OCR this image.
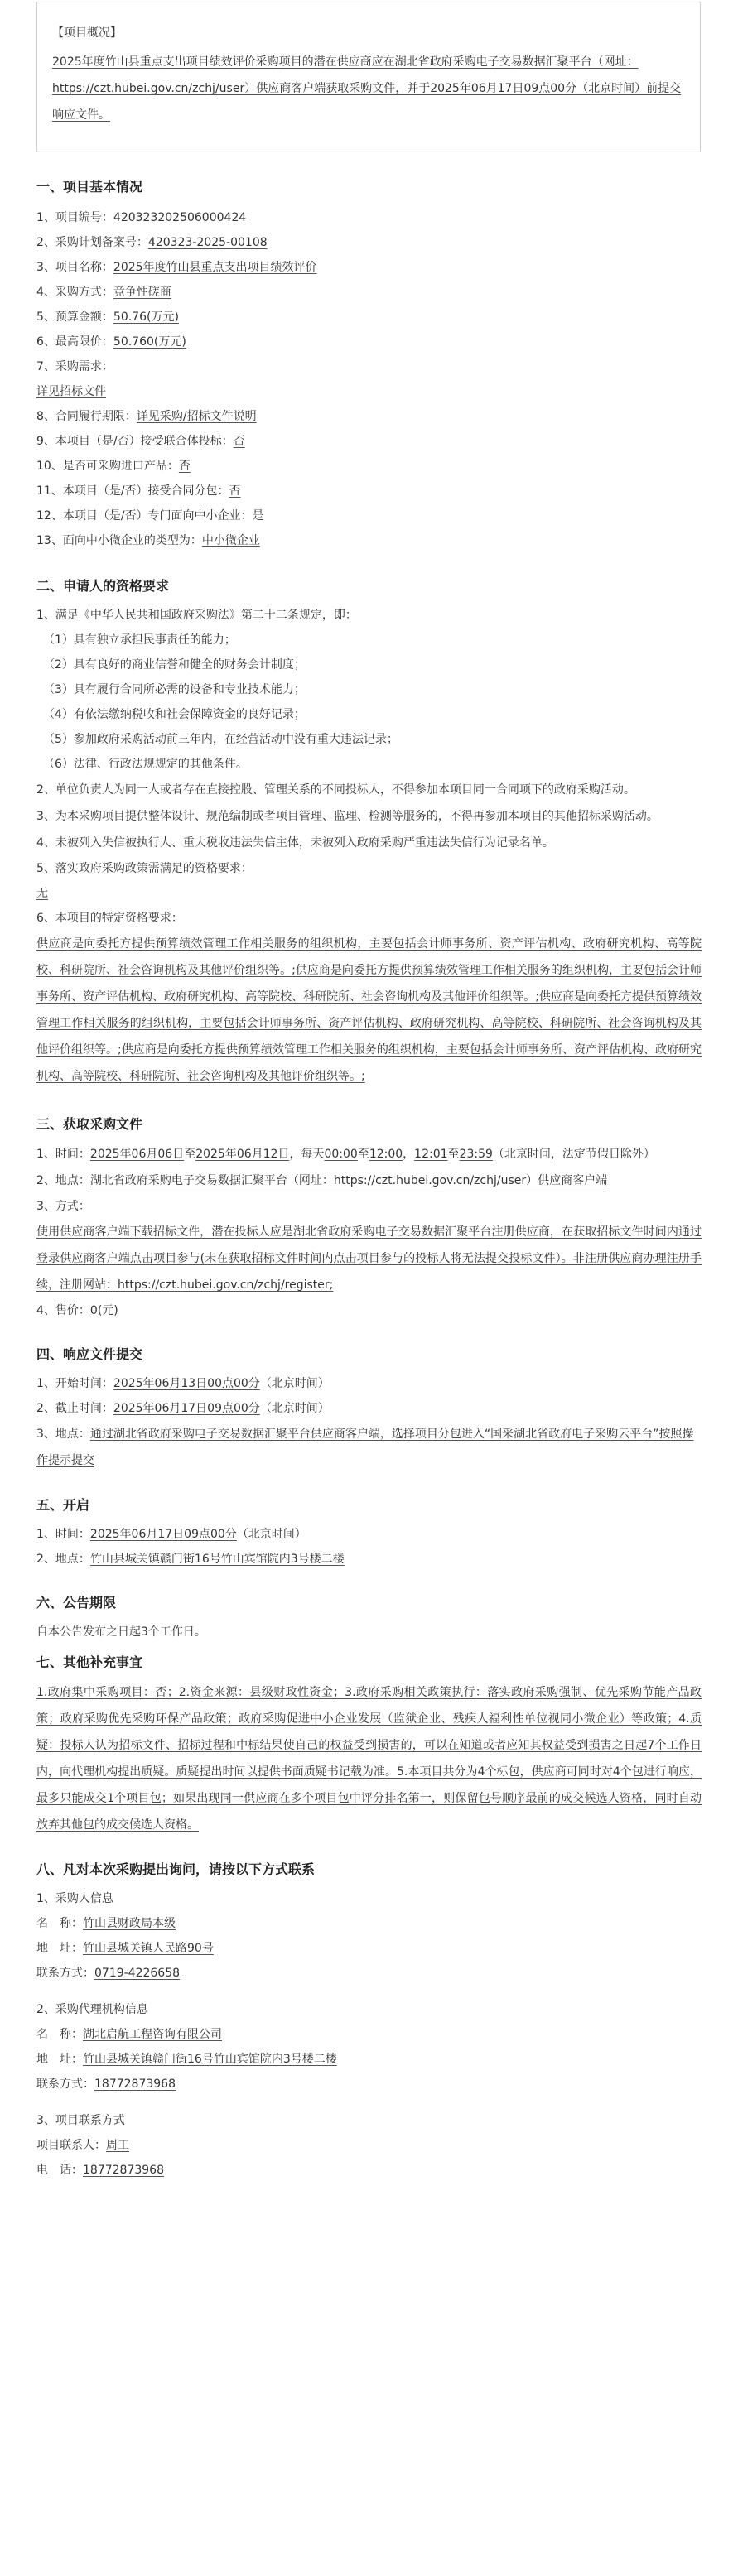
【项目概况】

2025年度竹山县重点支出项目绩效评价采购项目的潜在供应商应在湖北省政府采购电子交易数据汇聚平台（网址：https://czt.hubei.gov.cn/zchj/user）供应商客户端获取采购文件，并于2025年06月17日09点00分（北京时间）前提交响应文件。

一、项目基本情况

1、项目编号：420323202506000424

2、采购计划备案号：420323-2025-00108

3、项目名称：2025年度竹山县重点支出项目绩效评价

4、采购方式：竞争性磋商

5、预算金额：50.76(万元)

6、最高限价：50.760(万元)

7、采购需求：

详见招标文件

8、合同履行期限：详见采购/招标文件说明

9、本项目（是/否）接受联合体投标：否

10、是否可采购进口产品：否

11、本项目（是/否）接受合同分包：否

12、本项目（是/否）专门面向中小企业：是

13、面向中小微企业的类型为：中小微企业

二、申请人的资格要求

1、满足《中华人民共和国政府采购法》第二十二条规定，即：

（1）具有独立承担民事责任的能力；

（2）具有良好的商业信誉和健全的财务会计制度；

（3）具有履行合同所必需的设备和专业技术能力；

（4）有依法缴纳税收和社会保障资金的良好记录；

（5）参加政府采购活动前三年内，在经营活动中没有重大违法记录；

（6）法律、行政法规规定的其他条件。

2、单位负责人为同一人或者存在直接控股、管理关系的不同投标人，不得参加本项目同一合同项下的政府采购活动。

3、为本采购项目提供整体设计、规范编制或者项目管理、监理、检测等服务的，不得再参加本项目的其他招标采购活动。

4、未被列入失信被执行人、重大税收违法失信主体，未被列入政府采购严重违法失信行为记录名单。

5、落实政府采购政策需满足的资格要求：

无

6、本项目的特定资格要求：

供应商是向委托方提供预算绩效管理工作相关服务的组织机构，主要包括会计师事务所、资产评估机构、政府研究机构、高等院校、科研院所、社会咨询机构及其他评价组织等。;供应商是向委托方提供预算绩效管理工作相关服务的组织机构，主要包括会计师事务所、资产评估机构、政府研究机构、高等院校、科研院所、社会咨询机构及其他评价组织等。;供应商是向委托方提供预算绩效管理工作相关服务的组织机构，主要包括会计师事务所、资产评估机构、政府研究机构、高等院校、科研院所、社会咨询机构及其他评价组织等。;供应商是向委托方提供预算绩效管理工作相关服务的组织机构，主要包括会计师事务所、资产评估机构、政府研究机构、高等院校、科研院所、社会咨询机构及其他评价组织等。;

三、获取采购文件

1、时间：2025年06月06日至2025年06月12日，每天00:00至12:00，12:01至23:59（北京时间，法定节假日除外）

2、地点：湖北省政府采购电子交易数据汇聚平台（网址：https://czt.hubei.gov.cn/zchj/user）供应商客户端

3、方式：

使用供应商客户端下载招标文件，潜在投标人应是湖北省政府采购电子交易数据汇聚平台注册供应商，在获取招标文件时间内通过登录供应商客户端点击项目参与(未在获取招标文件时间内点击项目参与的投标人将无法提交投标文件）。非注册供应商办理注册手续，注册网站：https://czt.hubei.gov.cn/zchj/register;

4、售价：0(元)

四、响应文件提交

1、开始时间：2025年06月13日00点00分（北京时间）

2、截止时间：2025年06月17日09点00分（北京时间）

3、地点：通过湖北省政府采购电子交易数据汇聚平台供应商客户端，选择项目分包进入“国采湖北省政府电子采购云平台”按照操作提示提交

五、开启

1、时间：2025年06月17日09点00分（北京时间）

2、地点：竹山县城关镇赣门街16号竹山宾馆院内3号楼二楼

六、公告期限

自本公告发布之日起3个工作日。

七、其他补充事宜

1.政府集中采购项目：否；2.资金来源：县级财政性资金；3.政府采购相关政策执行：落实政府采购强制、优先采购节能产品政策；政府采购优先采购环保产品政策；政府采购促进中小企业发展（监狱企业、残疾人福利性单位视同小微企业）等政策；4.质疑：投标人认为招标文件、招标过程和中标结果使自己的权益受到损害的，可以在知道或者应知其权益受到损害之日起7个工作日内，向代理机构提出质疑。质疑提出时间以提供书面质疑书记载为准。5.本项目共分为4个标包，供应商可同时对4个包进行响应，最多只能成交1个项目包；如果出现同一供应商在多个项目包中评分排名第一，则保留包号顺序最前的成交候选人资格，同时自动放弃其他包的成交候选人资格。

八、凡对本次采购提出询问，请按以下方式联系

1、采购人信息

名　称：竹山县财政局本级

地　址：竹山县城关镇人民路90号

联系方式：0719-4226658

2、采购代理机构信息

名　称：湖北启航工程咨询有限公司

地　址：竹山县城关镇赣门街16号竹山宾馆院内3号楼二楼

联系方式：18772873968

3、项目联系方式

项目联系人：周工

电　话：18772873968
